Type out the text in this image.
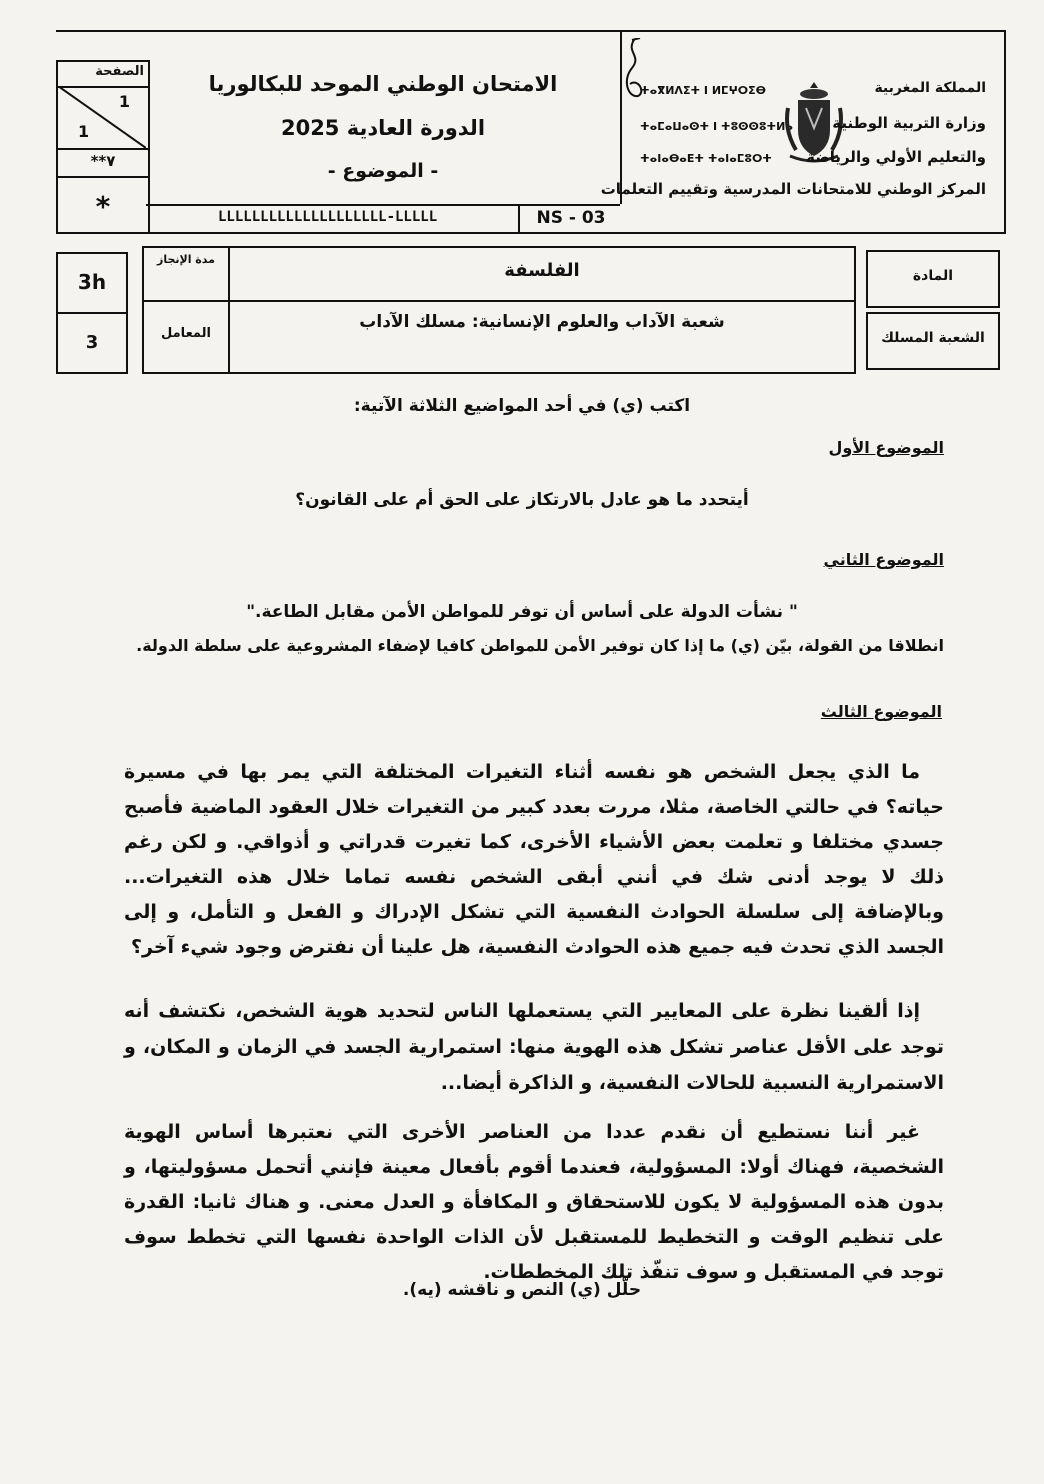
الصفحة
1
1
**٧
*
الامتحان الوطني الموحد للبكالوريا
الدورة العادية 2025
- الموضوع -
LLLLLLLLLLLLLLLLLLLL-LLLLL	NS - 03
ⵜⴰⴳⵍⴷⵉⵜ ⵏ ⵍⵎⵖⵔⵉⴱ
ⵜⴰⵎⴰⵡⴰⵙⵜ ⵏ ⵜⵓⵙⵙⵓⵜⵍⴰ
ⵜⴰⵏⴰⴱⴰⴹⵜ ⵜⴰⵏⴰⵎⵓⵔⵜ
المملكة المغربية
وزارة التربية الوطنية
والتعليم الأولي والرياضة
المركز الوطني للامتحانات المدرسية وتقييم التعلمات
3h
3
مدة الإنجاز
المعامل
الفلسفة
شعبة الآداب والعلوم الإنسانية: مسلك الآداب
المادة
الشعبة المسلك
اكتب (ي) في أحد المواضيع الثلاثة الآتية:
الموضوع الأول
أيتحدد ما هو عادل بالارتكاز على الحق أم على القانون؟
الموضوع الثاني
" نشأت الدولة على أساس أن توفر للمواطن الأمن مقابل الطاعة."
انطلاقا من القولة، بيّن (ي) ما إذا كان توفير الأمن للمواطن كافيا لإضفاء المشروعية على سلطة الدولة.
الموضوع الثالث
ما الذي يجعل الشخص هو نفسه أثناء التغيرات المختلفة التي يمر بها في مسيرة حياته؟ في حالتي الخاصة، مثلا، مررت بعدد كبير من التغيرات خلال العقود الماضية فأصبح جسدي مختلفا و تعلمت بعض الأشياء الأخرى، كما تغيرت قدراتي و أذواقي. و لكن رغم ذلك لا يوجد أدنى شك في أنني أبقى الشخص نفسه تماما خلال هذه التغيرات... وبالإضافة إلى سلسلة الحوادث النفسية التي تشكل الإدراك و الفعل و التأمل، و إلى الجسد الذي تحدث فيه جميع هذه الحوادث النفسية، هل علينا أن نفترض وجود شيء آخر؟
إذا ألقينا نظرة على المعايير التي يستعملها الناس لتحديد هوية الشخص، نكتشف أنه توجد على الأقل عناصر تشكل هذه الهوية منها: استمرارية الجسد في الزمان و المكان، و الاستمرارية النسبية للحالات النفسية، و الذاكرة أيضا...
غير أننا نستطيع أن نقدم عددا من العناصر الأخرى التي نعتبرها أساس الهوية الشخصية، فهناك أولا: المسؤولية، فعندما أقوم بأفعال معينة فإنني أتحمل مسؤوليتها، و بدون هذه المسؤولية لا يكون للاستحقاق و المكافأة و العدل معنى. و هناك ثانيا: القدرة على تنظيم الوقت و التخطيط للمستقبل لأن الذات الواحدة نفسها التي تخطط سوف توجد في المستقبل و سوف تنفّذ تلك المخططات.
حلّل (ي) النص و ناقشه (يه).
